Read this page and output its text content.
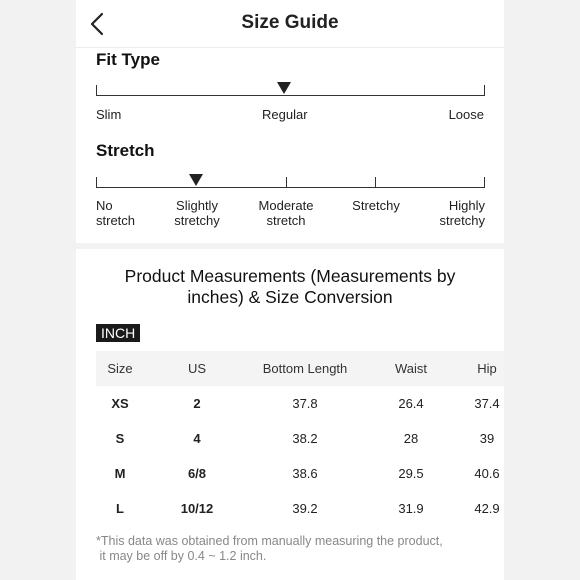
Size Guide
Fit Type
Slim	Regular	Loose
Stretch
No
stretch
Slightly
stretchy
Moderate
stretch
Stretchy	Highly
stretchy
Product Measurements (Measurements by inches) & Size Conversion
INCH
Size	US	Bottom Length	Waist	Hip
XS	2	37.8	26.4	37.4
S	4	38.2	28	39
M	6/8	38.6	29.5	40.6
L	10/12	39.2	31.9	42.9
*This data was obtained from manually measuring the product,
it may be off by 0.4 ~ 1.2 inch.
